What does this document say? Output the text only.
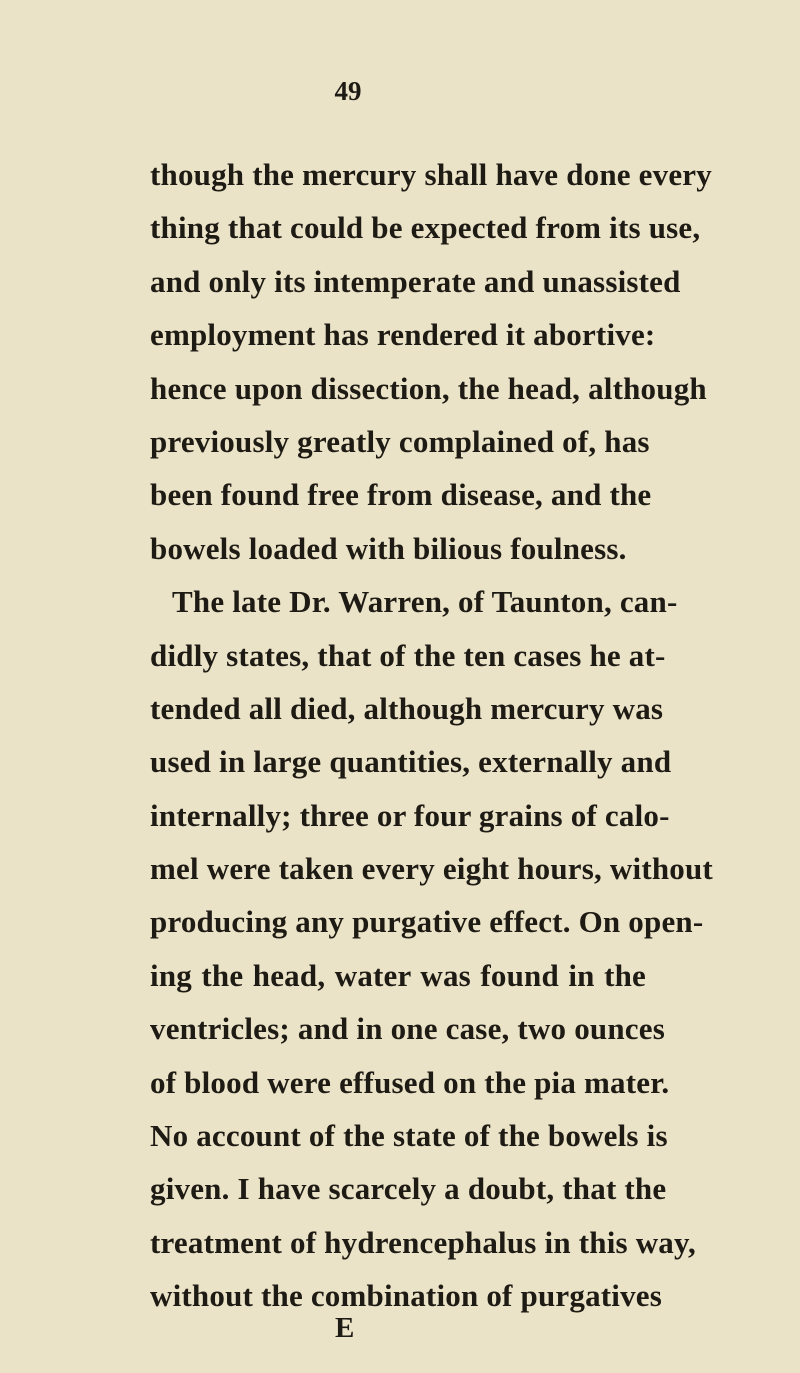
49
though the mercury shall have done every
thing that could be expected from its use,
and only its intemperate and unassisted
employment has rendered it abortive:
hence upon dissection, the head, although
previously greatly complained of, has
been found free from disease, and the
bowels loaded with bilious foulness.
The late Dr. Warren, of Taunton, can-
didly states, that of the ten cases he at-
tended all died, although mercury was
used in large quantities, externally and
internally; three or four grains of calo-
mel were taken every eight hours, without
producing any purgative effect. On open-
ing the head, water was found in the
ventricles; and in one case, two ounces
of blood were effused on the pia mater.
No account of the state of the bowels is
given. I have scarcely a doubt, that the
treatment of hydrencephalus in this way,
without the combination of purgatives
E
